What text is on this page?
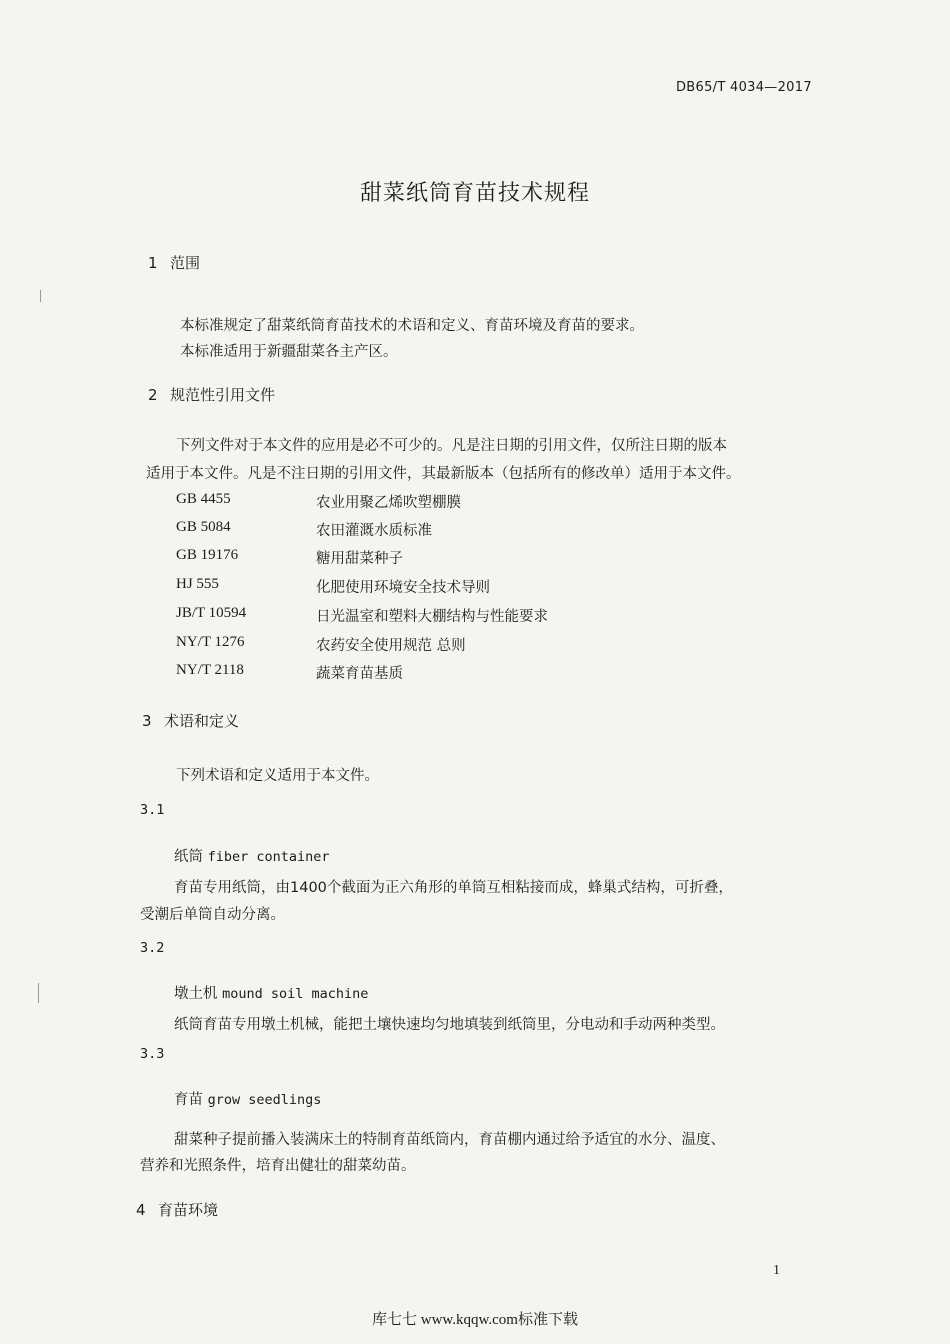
DB65/T 4034—2017
甜菜纸筒育苗技术规程
1 范围
本标准规定了甜菜纸筒育苗技术的术语和定义、育苗环境及育苗的要求。
本标准适用于新疆甜菜各主产区。
2 规范性引用文件
下列文件对于本文件的应用是必不可少的。凡是注日期的引用文件，仅所注日期的版本
适用于本文件。凡是不注日期的引用文件，其最新版本（包括所有的修改单）适用于本文件。
GB 4455	农业用聚乙烯吹塑棚膜
GB 5084	农田灌溉水质标准
GB 19176	糖用甜菜种子
HJ 555	化肥使用环境安全技术导则
JB/T 10594	日光温室和塑料大棚结构与性能要求
NY/T 1276	农药安全使用规范 总则
NY/T 2118	蔬菜育苗基质
3 术语和定义
下列术语和定义适用于本文件。
3.1
纸筒 fiber container
育苗专用纸筒，由1400个截面为正六角形的单筒互相粘接而成，蜂巢式结构，可折叠，
受潮后单筒自动分离。
3.2
墩土机 mound soil machine
纸筒育苗专用墩土机械，能把土壤快速均匀地填装到纸筒里，分电动和手动两种类型。
3.3
育苗 grow seedlings
甜菜种子提前播入装满床土的特制育苗纸筒内，育苗棚内通过给予适宜的水分、温度、
营养和光照条件，培育出健壮的甜菜幼苗。
4 育苗环境
1
库七七 www.kqqw.com标准下载
